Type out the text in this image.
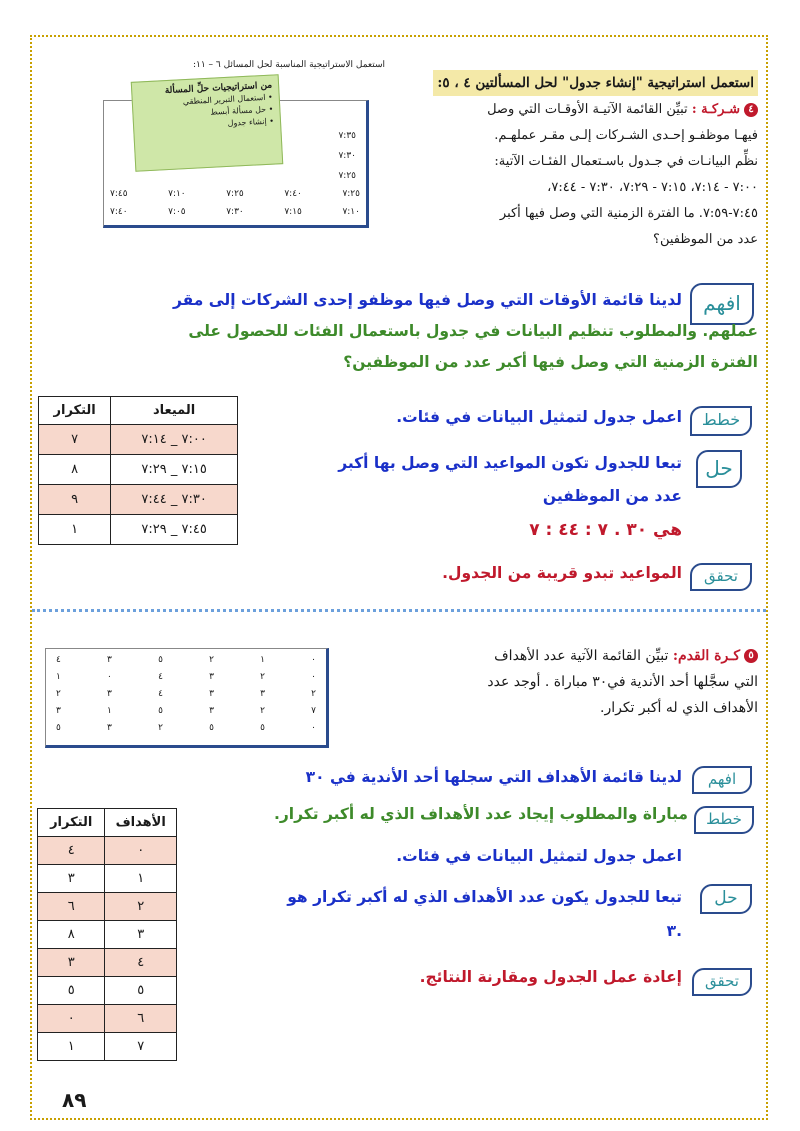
استعمل الاستراتيجية المناسبة لحل المسائل ٦ – ١١:
٧:٣٥
٧:٣٠
٧:٢٥
٧:٤٥	٧:١٠	٧:٢٥	٧:٤٠	٧:٢٥
٧:٤٠	٧:٠٥	٧:٣٠	٧:١٥	٧:١٠
من استراتيجيات حلِّ المسألة
• استعمال التبرير المنطقي
• حل مسألة أبسط
• إنشاء جدول
استعمل استراتيجية "إنشاء جدول" لحل المسألتين ٤ ، ٥:
٤شـركـة : تبيِّن القائمة الآتيـة الأوقـات التي وصل
فيهـا موظفـو إحـدى الشـركات إلـى مقـر عملهـم.
نظِّم البيانـات في جـدول باسـتعمال الفئـات الآتية:
٧:٠٠ - ٧:١٤، ٧:١٥ - ٧:٢٩، ٧:٣٠ - ٧:٤٤،
٧:٤٥-٧:٥٩. ما الفترة الزمنية التي وصل فيها أكبر
عدد من الموظفين؟
افهم
لدينا قائمة الأوقات التي وصل فيها موظفو إحدى الشركات إلى مقر
عملهم. والمطلوب تنظيم البيانات في جدول باستعمال الفئات للحصول على
الفترة الزمنية التي وصل فيها أكبر عدد من الموظفين؟
الميعاد	التكرار
٧:٠٠ _ ٧:١٤	٧
٧:١٥ _ ٧:٢٩	٨
٧:٣٠ _ ٧:٤٤	٩
٧:٤٥ _ ٧:٢٩	١
خطط
اعمل جدول لتمثيل البيانات في فئات.
حل
تبعا للجدول تكون المواعيد التي وصل بها أكبر
عدد من الموظفين
هي ٣٠ . ٧ : ٤٤ : ٧
تحقق
المواعيد تبدو قريبة من الجدول.
٥كـرة القدم: تبيِّن القائمة الآتية عدد الأهداف
التي سجَّلها أحد الأندية في٣٠ مباراة . أوجد عدد
الأهداف الذي له أكبر تكرار.
٤	٣	٥	٢	١	٠
١	٠	٤	٣	٢	٠
٢	٣	٤	٣	٣	٢
٣	١	٥	٣	٢	٧
٥	٣	٢	٥	٥	٠
افهم
لدينا قائمة الأهداف التي سجلها أحد الأندية في ٣٠
خطط
مباراة والمطلوب إيجاد عدد الأهداف الذي له أكبر تكرار.
اعمل جدول لتمثيل البيانات في فئات.
حل
تبعا للجدول يكون عدد الأهداف الذي له أكبر تكرار هو
.٣
تحقق
إعادة عمل الجدول ومقارنة النتائج.
الأهداف	التكرار
٠	٤
١	٣
٢	٦
٣	٨
٤	٣
٥	٥
٦	٠
٧	١
٨٩
